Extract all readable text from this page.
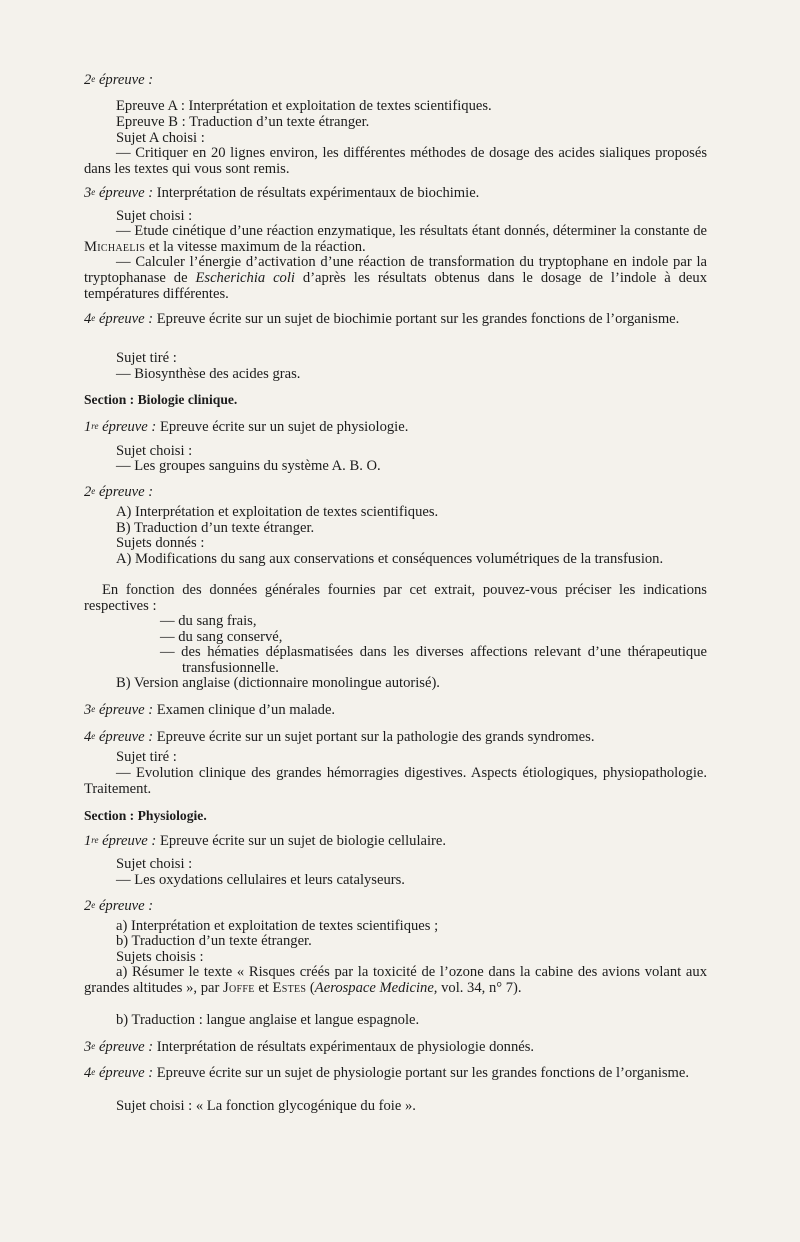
2e épreuve :

Epreuve A : Interprétation et exploitation de textes scientifiques.

Epreuve B : Traduction d’un texte étranger.

Sujet A choisi :

— Critiquer en 20 lignes environ, les différentes méthodes de dosage des acides sialiques proposés dans les textes qui vous sont remis.

3e épreuve : Interprétation de résultats expérimentaux de biochimie.

Sujet choisi :

— Etude cinétique d’une réaction enzymatique, les résultats étant donnés, déterminer la constante de Michaelis et la vitesse maximum de la réaction.

— Calculer l’énergie d’activation d’une réaction de transformation du tryptophane en indole par la tryptophanase de Escherichia coli d’après les résultats obtenus dans le dosage de l’indole à deux températures différentes.

4e épreuve : Epreuve écrite sur un sujet de biochimie portant sur les grandes fonctions de l’organisme.

Sujet tiré :

— Biosynthèse des acides gras.

Section : Biologie clinique.

1re épreuve : Epreuve écrite sur un sujet de physiologie.

Sujet choisi :

— Les groupes sanguins du système A. B. O.

2e épreuve :

A) Interprétation et exploitation de textes scientifiques.

B) Traduction d’un texte étranger.

Sujets donnés :

A) Modifications du sang aux conservations et conséquences volumétriques de la transfusion.

En fonction des données générales fournies par cet extrait, pouvez-vous préciser les indications respectives :

— du sang frais,

— du sang conservé,

— des hématies déplasmatisées dans les diverses affections relevant d’une thérapeutique transfusionnelle.

B) Version anglaise (dictionnaire monolingue autorisé).

3e épreuve : Examen clinique d’un malade.

4e épreuve : Epreuve écrite sur un sujet portant sur la pathologie des grands syndromes.

Sujet tiré :

— Evolution clinique des grandes hémorragies digestives. Aspects étiologiques, physiopathologie. Traitement.

Section : Physiologie.

1re épreuve : Epreuve écrite sur un sujet de biologie cellulaire.

Sujet choisi :

— Les oxydations cellulaires et leurs catalyseurs.

2e épreuve :

a) Interprétation et exploitation de textes scientifiques ;

b) Traduction d’un texte étranger.

Sujets choisis :

a) Résumer le texte « Risques créés par la toxicité de l’ozone dans la cabine des avions volant aux grandes altitudes », par Joffe et Estes (Aerospace Medicine, vol. 34, n° 7).

b) Traduction : langue anglaise et langue espagnole.

3e épreuve : Interprétation de résultats expérimentaux de physiologie donnés.

4e épreuve : Epreuve écrite sur un sujet de physiologie portant sur les grandes fonctions de l’organisme.

Sujet choisi : « La fonction glycogénique du foie ».
